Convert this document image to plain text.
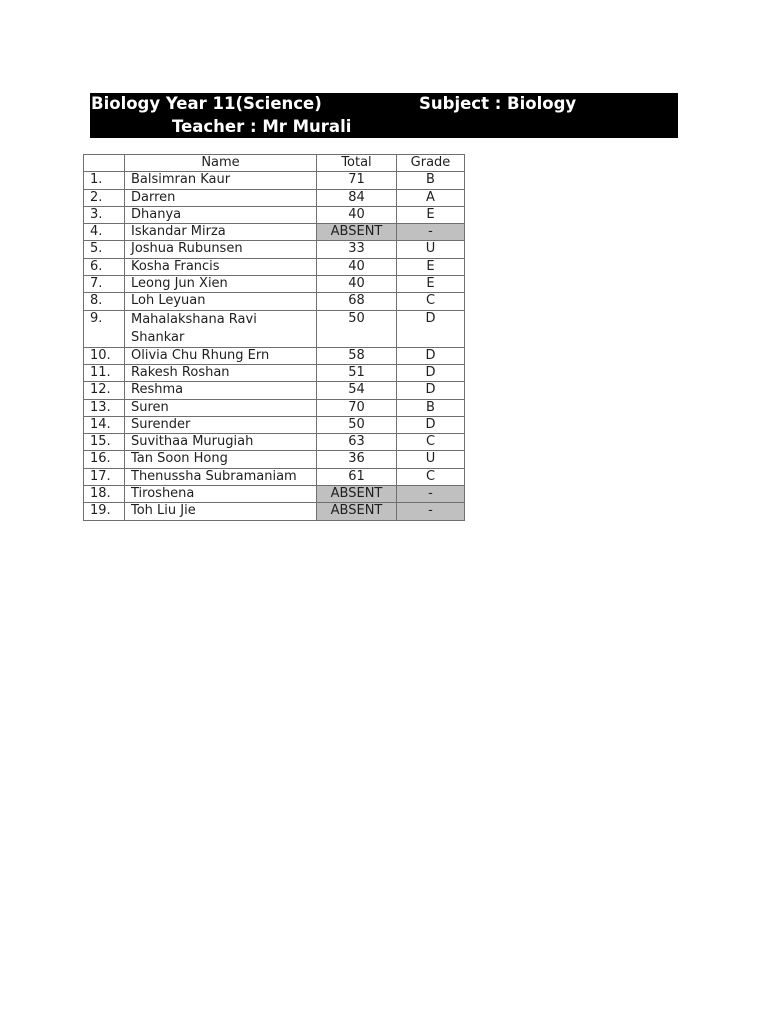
Biology Year 11(Science)	Subject : Biology
Teacher : Mr Murali
	Name	Total	Grade
1.	Balsimran Kaur	71	B
2.	Darren	84	A
3.	Dhanya	40	E
4.	Iskandar Mirza	ABSENT	-
5.	Joshua Rubunsen	33	U
6.	Kosha Francis	40	E
7.	Leong Jun Xien	40	E
8.	Loh Leyuan	68	C
9.	Mahalakshana Ravi Shankar	50	D
10.	Olivia Chu Rhung Ern	58	D
11.	Rakesh Roshan	51	D
12.	Reshma	54	D
13.	Suren	70	B
14.	Surender	50	D
15.	Suvithaa Murugiah	63	C
16.	Tan Soon Hong	36	U
17.	Thenussha Subramaniam	61	C
18.	Tiroshena	ABSENT	-
19.	Toh Liu Jie	ABSENT	-
